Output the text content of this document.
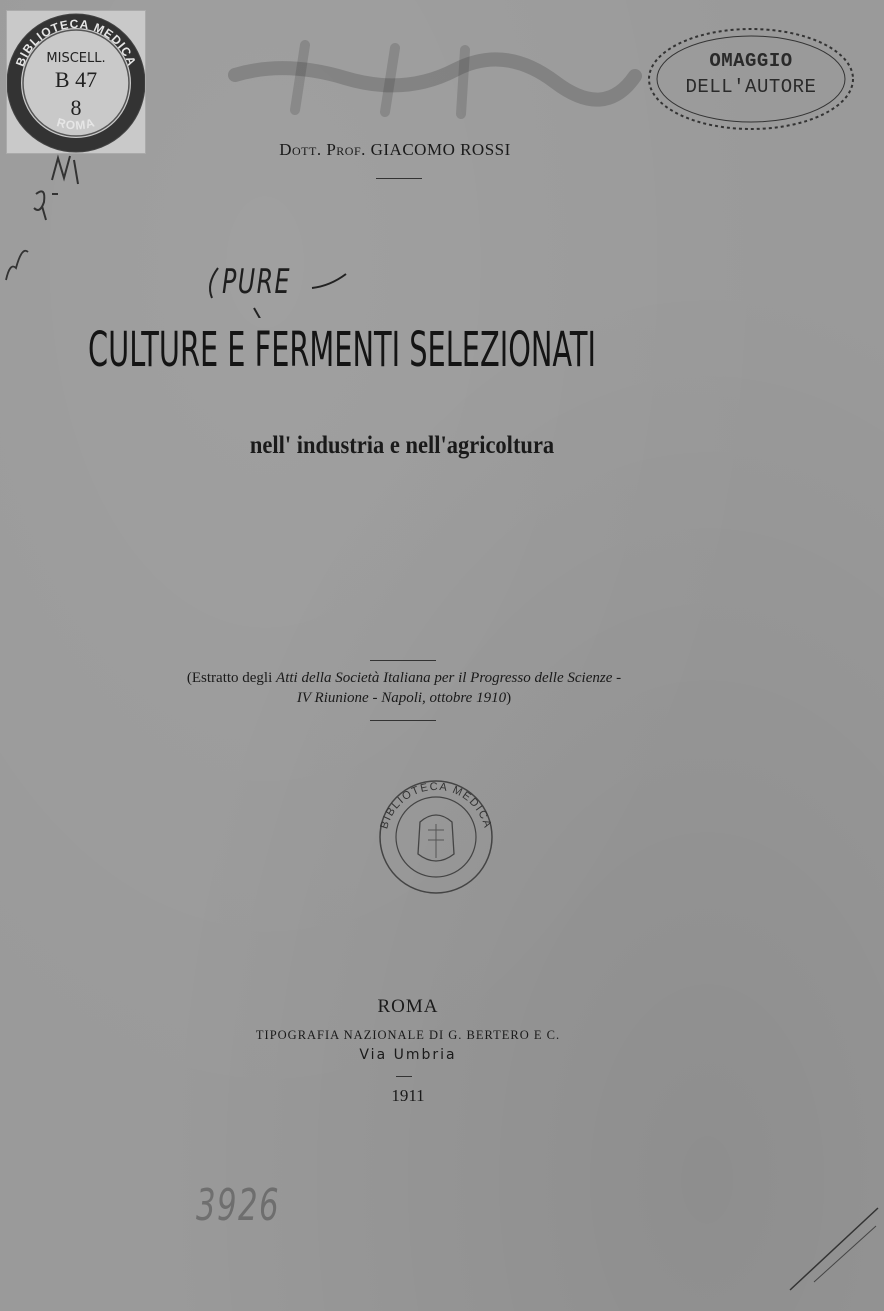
BIBLIOTECA MEDICA
ROMA
MISCELL.
B 47
8
OMAGGIO
DELL'AUTORE
Dott. Prof. GIACOMO ROSSI
PURE
CULTURE E FERMENTI SELEZIONATI
nell' industria e nell'agricoltura
(Estratto degli Atti della Società Italiana per il Progresso delle Scienze -
IV Riunione - Napoli, ottobre 1910)
BIBLIOTECA MEDICA
ROMA
TIPOGRAFIA NAZIONALE DI G. BERTERO E C.
Via Umbria
1911
3926
